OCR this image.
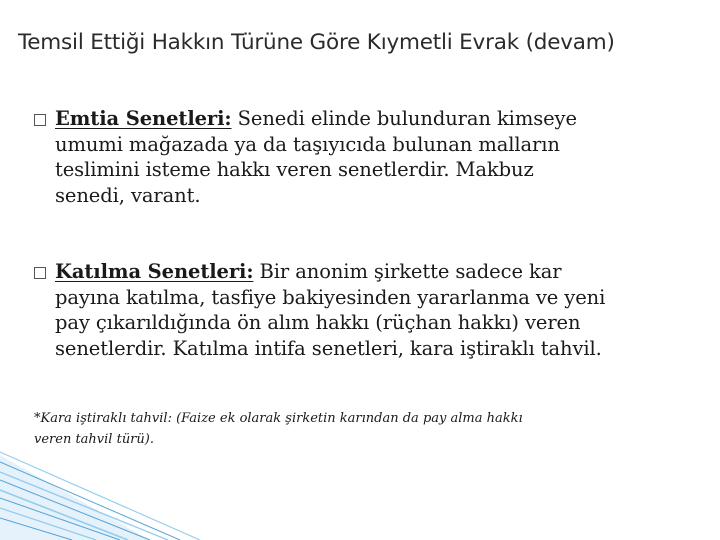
Temsil Ettiği Hakkın Türüne Göre Kıymetli Evrak (devam)
Emtia Senetleri: Senedi elinde bulunduran kimseye
umumi mağazada ya da taşıyıcıda bulunan malların
teslimini isteme hakkı veren senetlerdir. Makbuz
senedi, varant.
Katılma Senetleri: Bir anonim şirkette sadece kar
payına katılma, tasfiye bakiyesinden yararlanma ve yeni
pay çıkarıldığında ön alım hakkı (rüçhan hakkı) veren
senetlerdir. Katılma intifa senetleri, kara iştiraklı tahvil.
*Kara iştiraklı tahvil: (Faize ek olarak şirketin karından da pay alma hakkı
veren tahvil türü).
